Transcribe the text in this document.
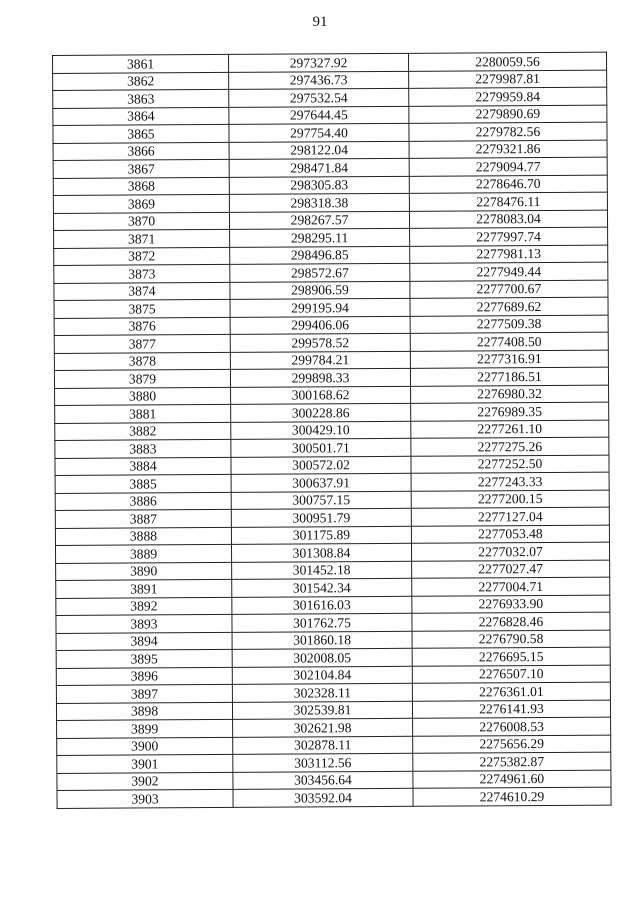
91
3861	297327.92	2280059.56
3862	297436.73	2279987.81
3863	297532.54	2279959.84
3864	297644.45	2279890.69
3865	297754.40	2279782.56
3866	298122.04	2279321.86
3867	298471.84	2279094.77
3868	298305.83	2278646.70
3869	298318.38	2278476.11
3870	298267.57	2278083.04
3871	298295.11	2277997.74
3872	298496.85	2277981.13
3873	298572.67	2277949.44
3874	298906.59	2277700.67
3875	299195.94	2277689.62
3876	299406.06	2277509.38
3877	299578.52	2277408.50
3878	299784.21	2277316.91
3879	299898.33	2277186.51
3880	300168.62	2276980.32
3881	300228.86	2276989.35
3882	300429.10	2277261.10
3883	300501.71	2277275.26
3884	300572.02	2277252.50
3885	300637.91	2277243.33
3886	300757.15	2277200.15
3887	300951.79	2277127.04
3888	301175.89	2277053.48
3889	301308.84	2277032.07
3890	301452.18	2277027.47
3891	301542.34	2277004.71
3892	301616.03	2276933.90
3893	301762.75	2276828.46
3894	301860.18	2276790.58
3895	302008.05	2276695.15
3896	302104.84	2276507.10
3897	302328.11	2276361.01
3898	302539.81	2276141.93
3899	302621.98	2276008.53
3900	302878.11	2275656.29
3901	303112.56	2275382.87
3902	303456.64	2274961.60
3903	303592.04	2274610.29
